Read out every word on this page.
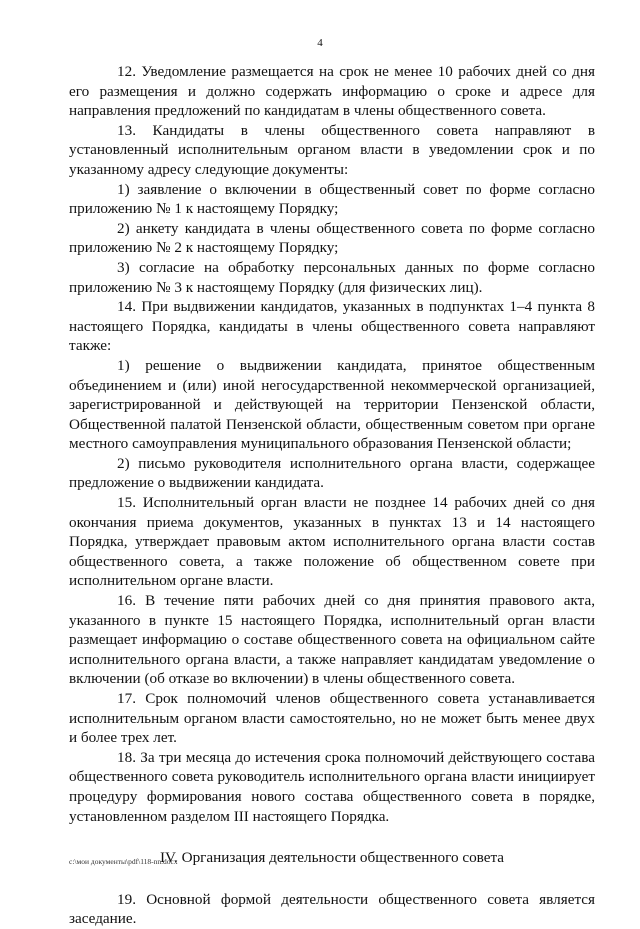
4

12. Уведомление размещается на срок не менее 10 рабочих дней со дня его размещения и должно содержать информацию о сроке и адресе для направления предложений по кандидатам в члены общественного совета.

13. Кандидаты в члены общественного совета направляют в установленный исполнительным органом власти в уведомлении срок и по указанному адресу следующие документы:

1) заявление о включении в общественный совет по форме согласно приложению № 1 к настоящему Порядку;

2) анкету кандидата в члены общественного совета по форме согласно приложению № 2 к настоящему Порядку;

3) согласие на обработку персональных данных по форме согласно приложению № 3 к настоящему Порядку (для физических лиц).

14. При выдвижении кандидатов, указанных в подпунктах 1–4 пункта 8 настоящего Порядка, кандидаты в члены общественного совета направляют также:

1) решение о выдвижении кандидата, принятое общественным объединением и (или) иной негосударственной некоммерческой организацией, зарегистрированной и действующей на территории Пензенской области, Общественной палатой Пензенской области, общественным советом при органе местного самоуправления муниципального образования Пензенской области;

2) письмо руководителя исполнительного органа власти, содержащее предложение о выдвижении кандидата.

15. Исполнительный орган власти не позднее 14 рабочих дней со дня окончания приема документов, указанных в пунктах 13 и 14 настоящего Порядка, утверждает правовым актом исполнительного органа власти состав общественного совета, а также положение об общественном совете при исполнительном органе власти.

16. В течение пяти рабочих дней со дня принятия правового акта, указанного в пункте 15 настоящего Порядка, исполнительный орган власти размещает информацию о составе общественного совета на официальном сайте исполнительного органа власти, а также направляет кандидатам уведомление о включении (об отказе во включении) в члены общественного совета.

17. Срок полномочий членов общественного совета устанавливается исполнительным органом власти самостоятельно, но не может быть менее двух и более трех лет.

18. За три месяца до истечения срока полномочий действующего состава общественного совета руководитель исполнительного органа власти инициирует процедуру формирования нового состава общественного совета в порядке, установленном разделом III настоящего Порядка.

IV. Организация деятельности общественного совета

19. Основной формой деятельности общественного совета является заседание.

c:\мои документы\pdf\118-nn.docx
